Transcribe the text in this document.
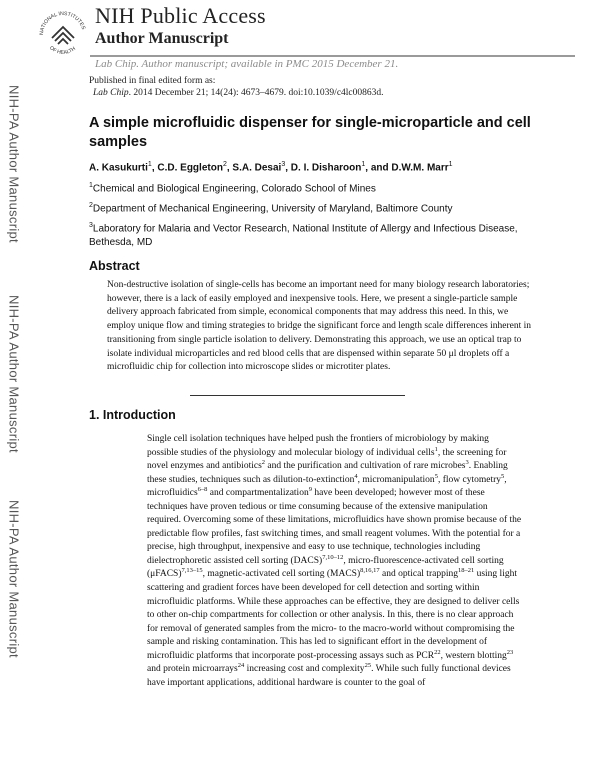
NATIONAL INSTITUTES
OF HEALTH
NIH Public Access
Author Manuscript
Lab Chip. Author manuscript; available in PMC 2015 December 21.
Published in final edited form as:
Lab Chip. 2014 December 21; 14(24): 4673–4679. doi:10.1039/c4lc00863d.
NIH-PA Author Manuscript
NIH-PA Author Manuscript
NIH-PA Author Manuscript
A simple microfluidic dispenser for single-microparticle and cell samples
A. Kasukurti$^1$, C.D. Eggleton$^2$, S.A. Desai$^3$, D. I. Disharoon$^1$, and D.W.M. Marr$^1$
$^1$Chemical and Biological Engineering, Colorado School of Mines
$^2$Department of Mechanical Engineering, University of Maryland, Baltimore County
$^3$Laboratory for Malaria and Vector Research, National Institute of Allergy and Infectious Disease, Bethesda, MD
Abstract
Non-destructive isolation of single-cells has become an important need for many biology research laboratories; however, there is a lack of easily employed and inexpensive tools. Here, we present a single-particle sample delivery approach fabricated from simple, economical components that may address this need. In this, we employ unique flow and timing strategies to bridge the significant force and length scale differences inherent in transitioning from single particle isolation to delivery. Demonstrating this approach, we use an optical trap to isolate individual microparticles and red blood cells that are dispensed within separate 50 μl droplets off a microfluidic chip for collection into microscope slides or microtiter plates.
1. Introduction
Single cell isolation techniques have helped push the frontiers of microbiology by making possible studies of the physiology and molecular biology of individual cells$^1$, the screening for novel enzymes and antibiotics$^2$ and the purification and cultivation of rare microbes$^3$. Enabling these studies, techniques such as dilution-to-extinction$^4$, micromanipulation$^5$, flow cytometry$^5$, microfluidics$^{6-8}$ and compartmentalization$^9$ have been developed; however most of these techniques have proven tedious or time consuming because of the extensive manipulation required. Overcoming some of these limitations, microfluidics have shown promise because of the predictable flow profiles, fast switching times, and small reagent volumes. With the potential for a precise, high throughput, inexpensive and easy to use technique, technologies including dielectrophoretic assisted cell sorting (DACS)$^{7,10-12}$, micro-fluorescence-activated cell sorting (μFACS)$^{7,13-15}$, magnetic-activated cell sorting (MACS)$^{8,16,17}$ and optical trapping$^{18-21}$ using light scattering and gradient forces have been developed for cell detection and sorting within microfluidic platforms. While these approaches can be effective, they are designed to deliver cells to other on-chip compartments for collection or other analysis. In this, there is no clear approach for removal of generated samples from the micro- to the macro-world without compromising the sample and risking contamination. This has led to significant effort in the development of microfluidic platforms that incorporate post-processing assays such as PCR$^{22}$, western blotting$^{23}$ and protein microarrays$^{24}$ increasing cost and complexity$^{25}$. While such fully functional devices have important applications, additional hardware is counter to the goal of
